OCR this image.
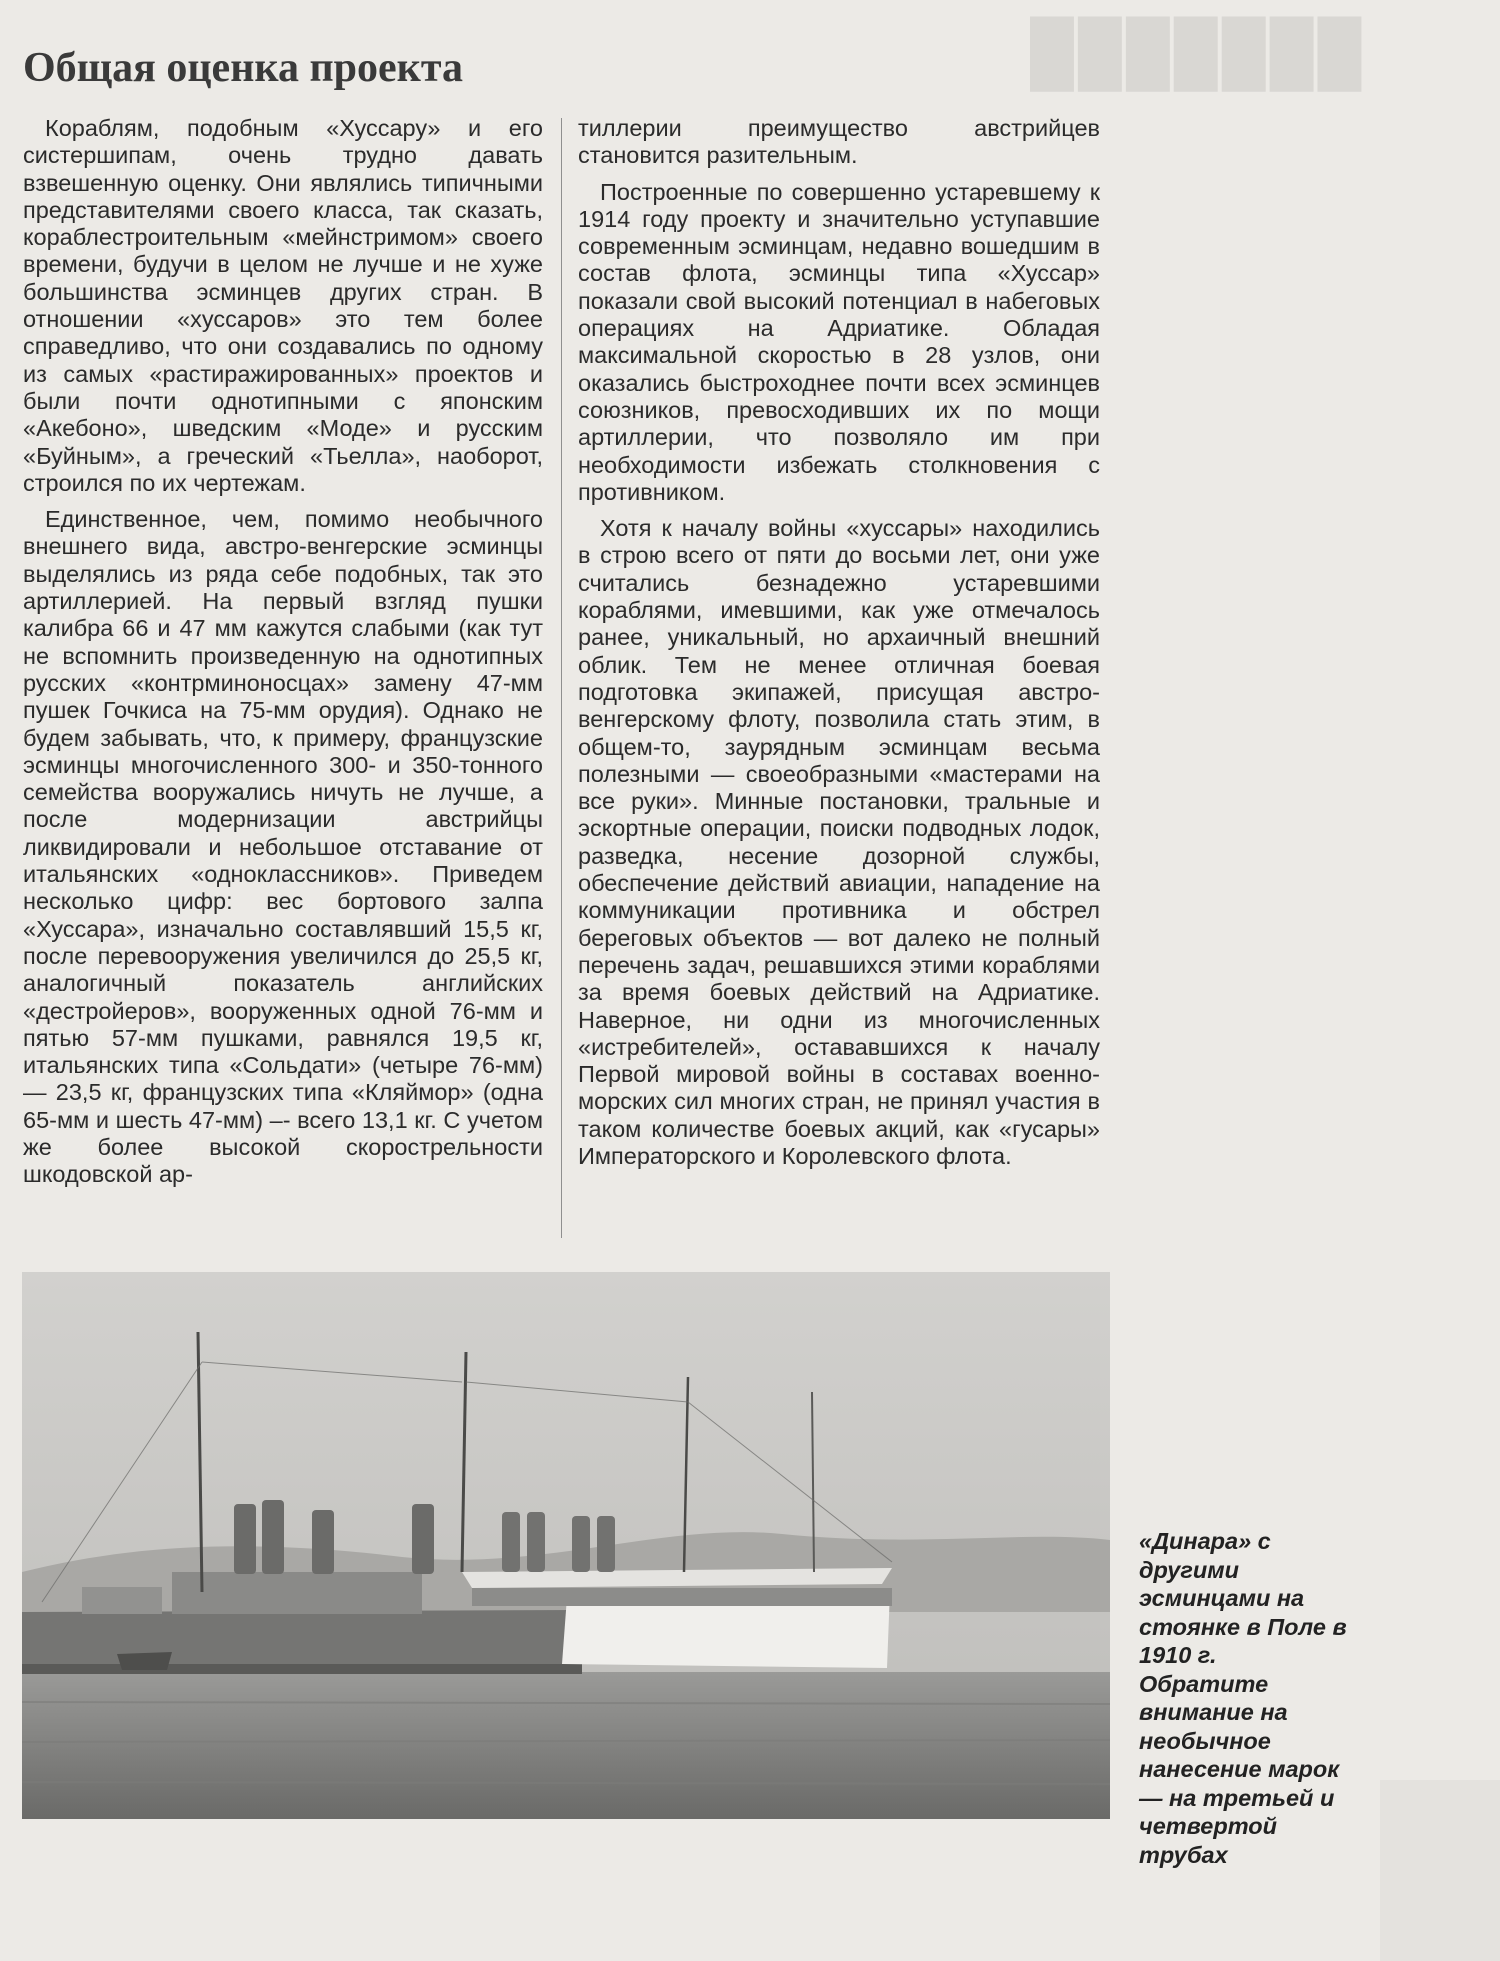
███████
Общая оценка проекта

Кораблям, подобным «Хуссару» и его систершипам, очень трудно давать взвешенную оценку. Они являлись типичными представителями своего класса, так сказать, кораблестроительным «мейнстримом» своего времени, будучи в целом не лучше и не хуже большинства эсминцев других стран. В отношении «хуссаров» это тем более справедливо, что они создавались по одному из самых «растиражированных» проектов и были почти однотипными с японским «Акебоно», шведским «Моде» и русским «Буйным», а греческий «Тьелла», наоборот, строился по их чертежам.

Единственное, чем, помимо необычного внешнего вида, австро-венгерские эсминцы выделялись из ряда себе подобных, так это артиллерией. На первый взгляд пушки калибра 66 и 47 мм кажутся слабыми (как тут не вспомнить произведенную на однотипных русских «контрминоносцах» замену 47-мм пушек Гочкиса на 75-мм орудия). Однако не будем забывать, что, к примеру, французские эсминцы многочисленного 300- и 350-тонного семейства вооружались ничуть не лучше, а после модернизации австрийцы ликвидировали и небольшое отставание от итальянских «одноклассников». Приведем несколько цифр: вес бортового залпа «Хуссара», изначально составлявший 15,5 кг, после перевооружения увеличился до 25,5 кг, аналогичный показатель английских «дестройеров», вооруженных одной 76-мм и пятью 57-мм пушками, равнялся 19,5 кг, итальянских типа «Сольдати» (четыре 76-мм) — 23,5 кг, французских типа «Кляймор» (одна 65-мм и шесть 47-мм) –- всего 13,1 кг. С учетом же более высокой скорострельности шкодовской ар-

тиллерии преимущество австрийцев становится разительным.

Построенные по совершенно устаревшему к 1914 году проекту и значительно уступавшие современным эсминцам, недавно вошедшим в состав флота, эсминцы типа «Хуссар» показали свой высокий потенциал в набеговых операциях на Адриатике. Обладая максимальной скоростью в 28 узлов, они оказались быстроходнее почти всех эсминцев союзников, превосходивших их по мощи артиллерии, что позволяло им при необходимости избежать столкновения с противником.

Хотя к началу войны «хуссары» находились в строю всего от пяти до восьми лет, они уже считались безнадежно устаревшими кораблями, имевшими, как уже отмечалось ранее, уникальный, но архаичный внешний облик. Тем не менее отличная боевая подготовка экипажей, присущая австро-венгерскому флоту, позволила стать этим, в общем-то, заурядным эсминцам весьма полезными — своеобразными «мастерами на все руки». Минные постановки, тральные и эскортные операции, поиски подводных лодок, разведка, несение дозорной службы, обеспечение действий авиации, нападение на коммуникации противника и обстрел береговых объектов — вот далеко не полный перечень задач, решавшихся этими кораблями за время боевых действий на Адриатике. Наверное, ни одни из многочисленных «истребителей», остававшихся к началу Первой мировой войны в составах военно-морских сил многих стран, не принял участия в таком количестве боевых акций, как «гусары» Императорского и Королевского флота.

«Динара» с другими эсминцами на стоянке в Поле в 1910 г. Обратите внимание на необычное нанесение марок — на третьей и четвертой трубах
